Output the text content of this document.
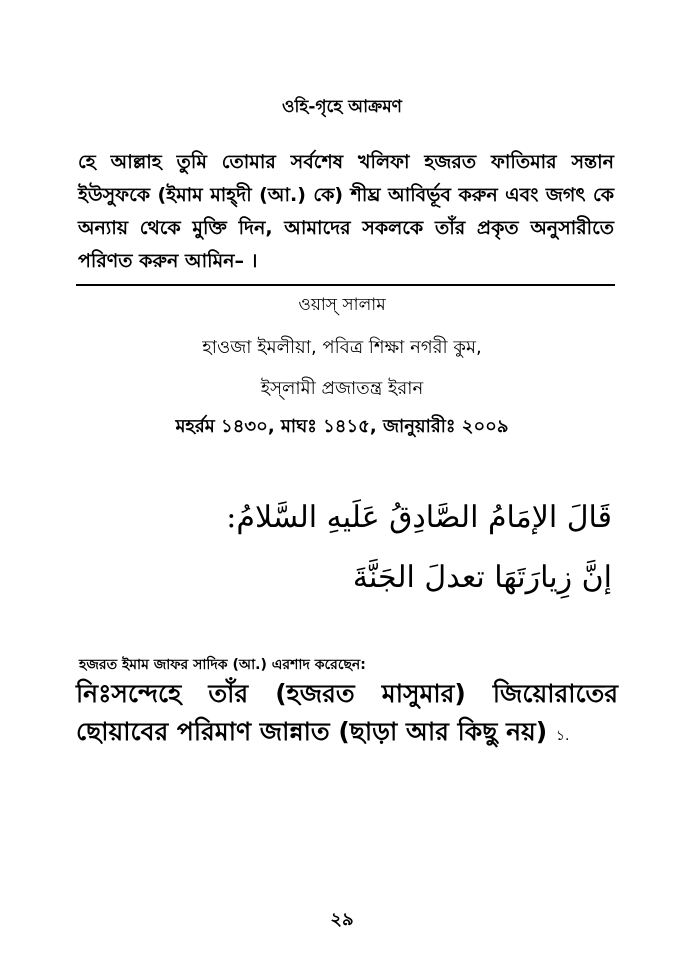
ওহি-গৃহে আক্রমণ
হে আল্লাহ তুমি তোমার সর্বশেষ খলিফা হজরত ফাতিমার সন্তান ইউসুফকে (ইমাম মাহ্দী (আ.) কে) শীঘ্র আবির্ভূব করুন এবং জগৎ কে অন্যায় থেকে মুক্তি দিন, আমাদের সকলকে তাঁর প্রকৃত অনুসারীতে পরিণত করুন আমিন– ।
ওয়াস্ সালাম
হাওজা ইমলীয়া, পবিত্র শিক্ষা নগরী কুম,
ইস্‌লামী প্রজাতন্ত্র ইরান
মহর্রম ১৪৩০, মাঘঃ ১৪১৫, জানুয়ারীঃ ২০০৯
قَالَ الإمَامُ الصَّادِقُ عَلَيهِ السَّلامُ:
إنَّ زِيارَتَهَا تعدلَ الجَنَّةَ
হজরত ইমাম জাফর সাদিক (আ.) এরশাদ করেছেন:
নিঃসন্দেহে তাঁর (হজরত মাসুমার) জিয়োরাতের ছোয়াবের পরিমাণ জান্নাত (ছাড়া আর কিছু নয়) ১.
২৯
